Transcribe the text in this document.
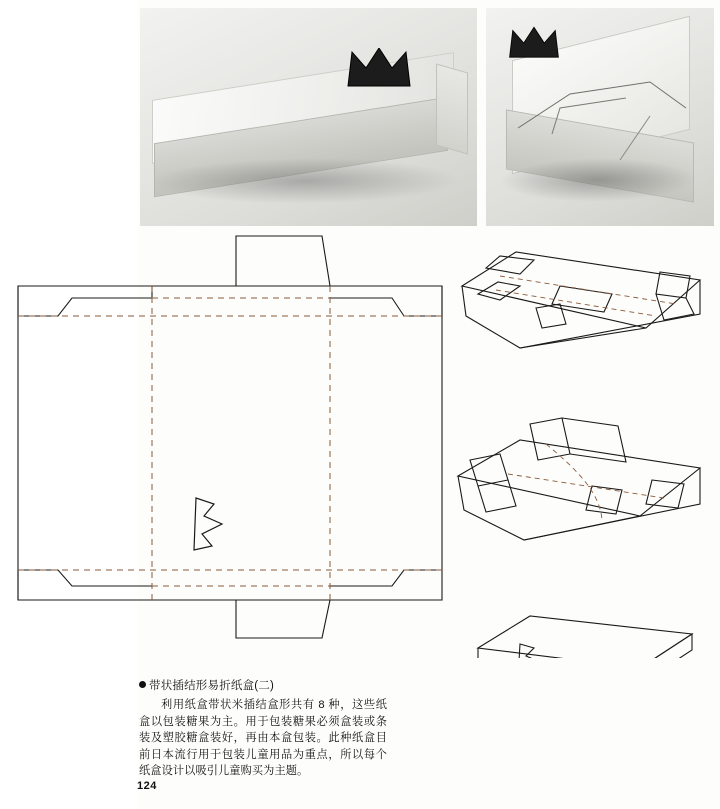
带状插结形易折纸盒(二)

利用纸盒带状米插结盒形共有 8 种，这些纸盒以包装糖果为主。用于包装糖果必须盒装或条装及塑胶糖盒装好，再由本盒包装。此种纸盒目前日本流行用于包装儿童用品为重点，所以每个纸盒设计以吸引儿童购买为主题。

124
